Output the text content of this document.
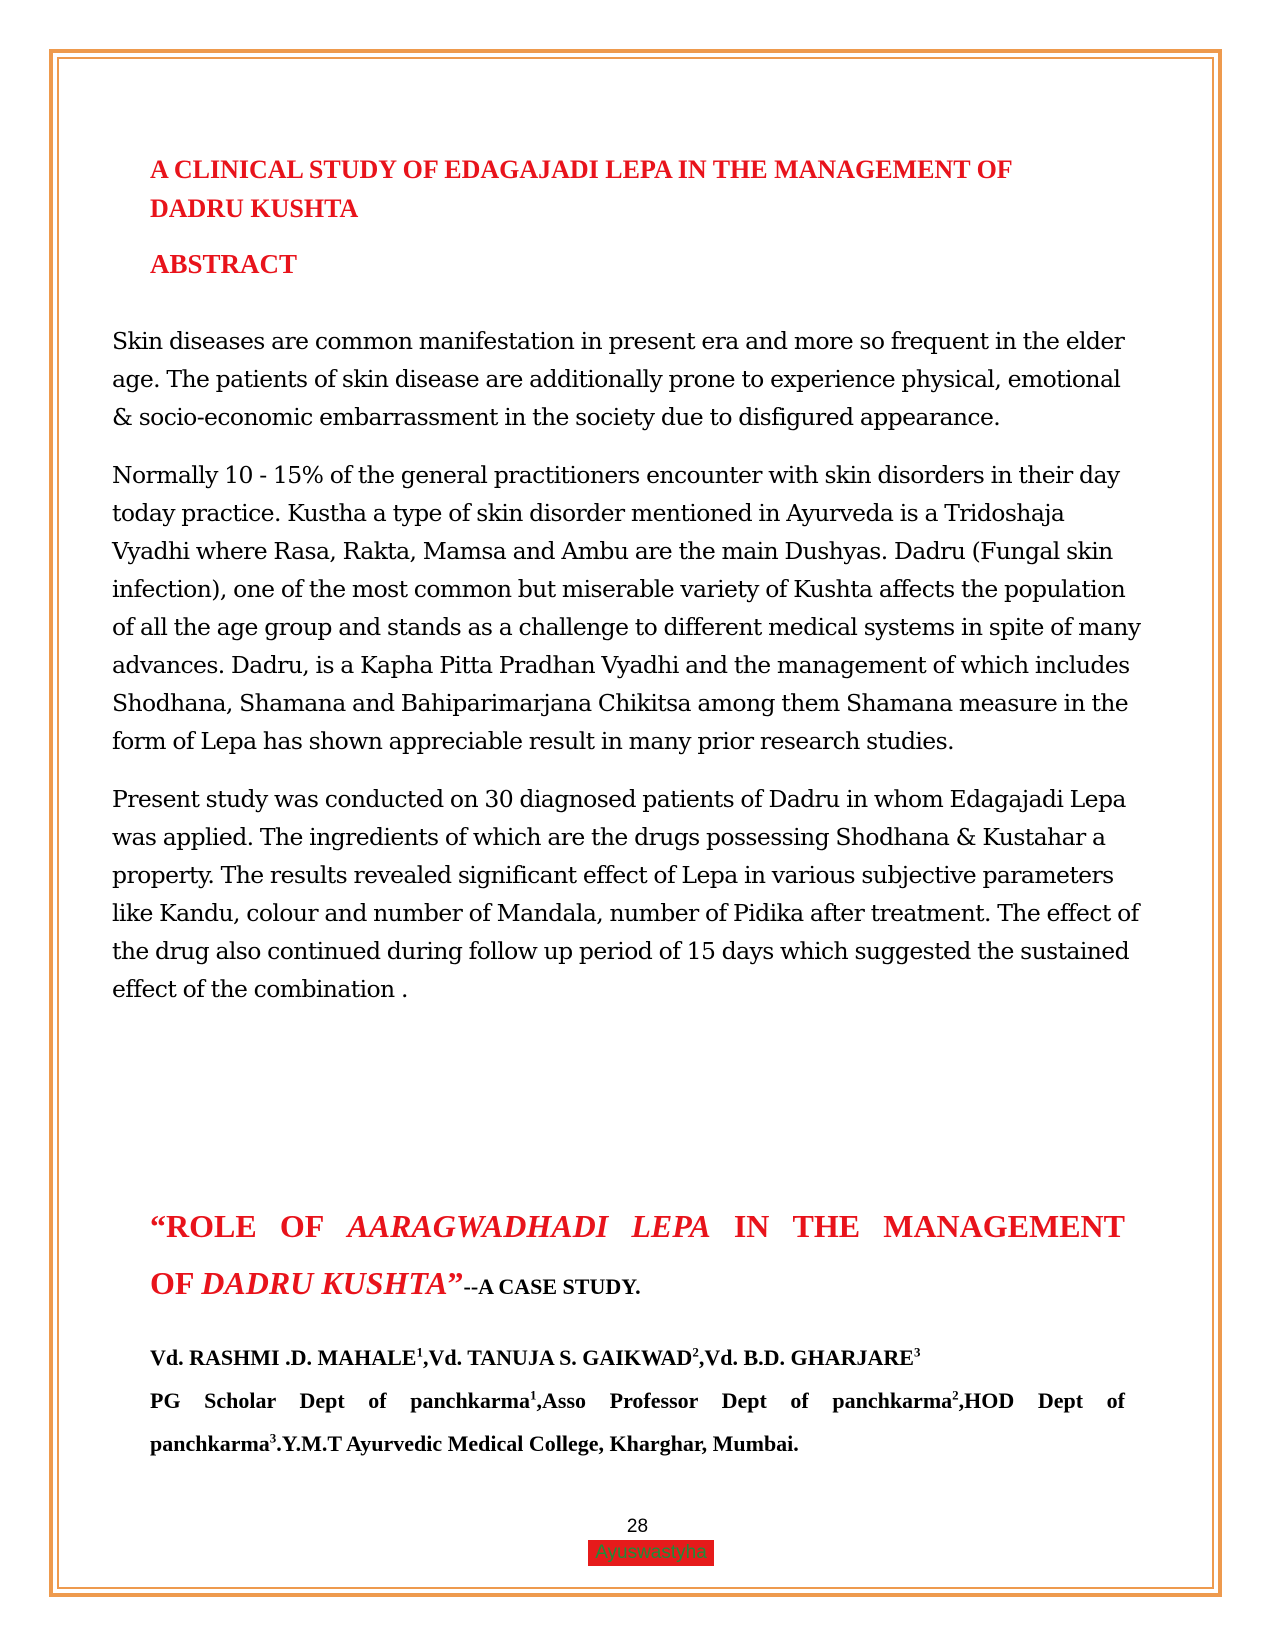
A CLINICAL STUDY OF EDAGAJADI LEPA IN THE MANAGEMENT OF DADRU KUSHTA
ABSTRACT

Skin diseases are common manifestation in present era and more so frequent in the elder age. The patients of skin disease are additionally prone to experience physical, emotional & socio-economic embarrassment in the society due to disfigured appearance.

Normally 10 - 15% of the general practitioners encounter with skin disorders in their day today practice. Kustha a type of skin disorder mentioned in Ayurveda is a Tridoshaja Vyadhi where Rasa, Rakta, Mamsa and Ambu are the main Dushyas. Dadru (Fungal skin infection), one of the most common but miserable variety of Kushta affects the population of all the age group and stands as a challenge to different medical systems in spite of many advances. Dadru, is a Kapha Pitta Pradhan Vyadhi and the management of which includes Shodhana, Shamana and Bahiparimarjana Chikitsa among them Shamana measure in the form of Lepa has shown appreciable result in many prior research studies.

Present study was conducted on 30 diagnosed patients of Dadru in whom Edagajadi Lepa was applied. The ingredients of which are the drugs possessing Shodhana & Kustahar a property. The results revealed significant effect of Lepa in various subjective parameters like Kandu, colour and number of Mandala, number of Pidika after treatment. The effect of the drug also continued during follow up period of 15 days which suggested the sustained effect of the combination .

“ROLE OF AARAGWADHADI LEPA IN THE MANAGEMENT
OF DADRU KUSHTA”--A CASE STUDY.

Vd. RASHMI .D. MAHALE$^1$,Vd. TANUJA S. GAIKWAD$^2$,Vd. B.D. GHARJARE$^3$

PG Scholar Dept of panchkarma$^1$,Asso Professor Dept of panchkarma$^2$,HOD Dept of panchkarma$^3$.Y.M.T Ayurvedic Medical College, Kharghar, Mumbai.

28
Ayuswastyha
